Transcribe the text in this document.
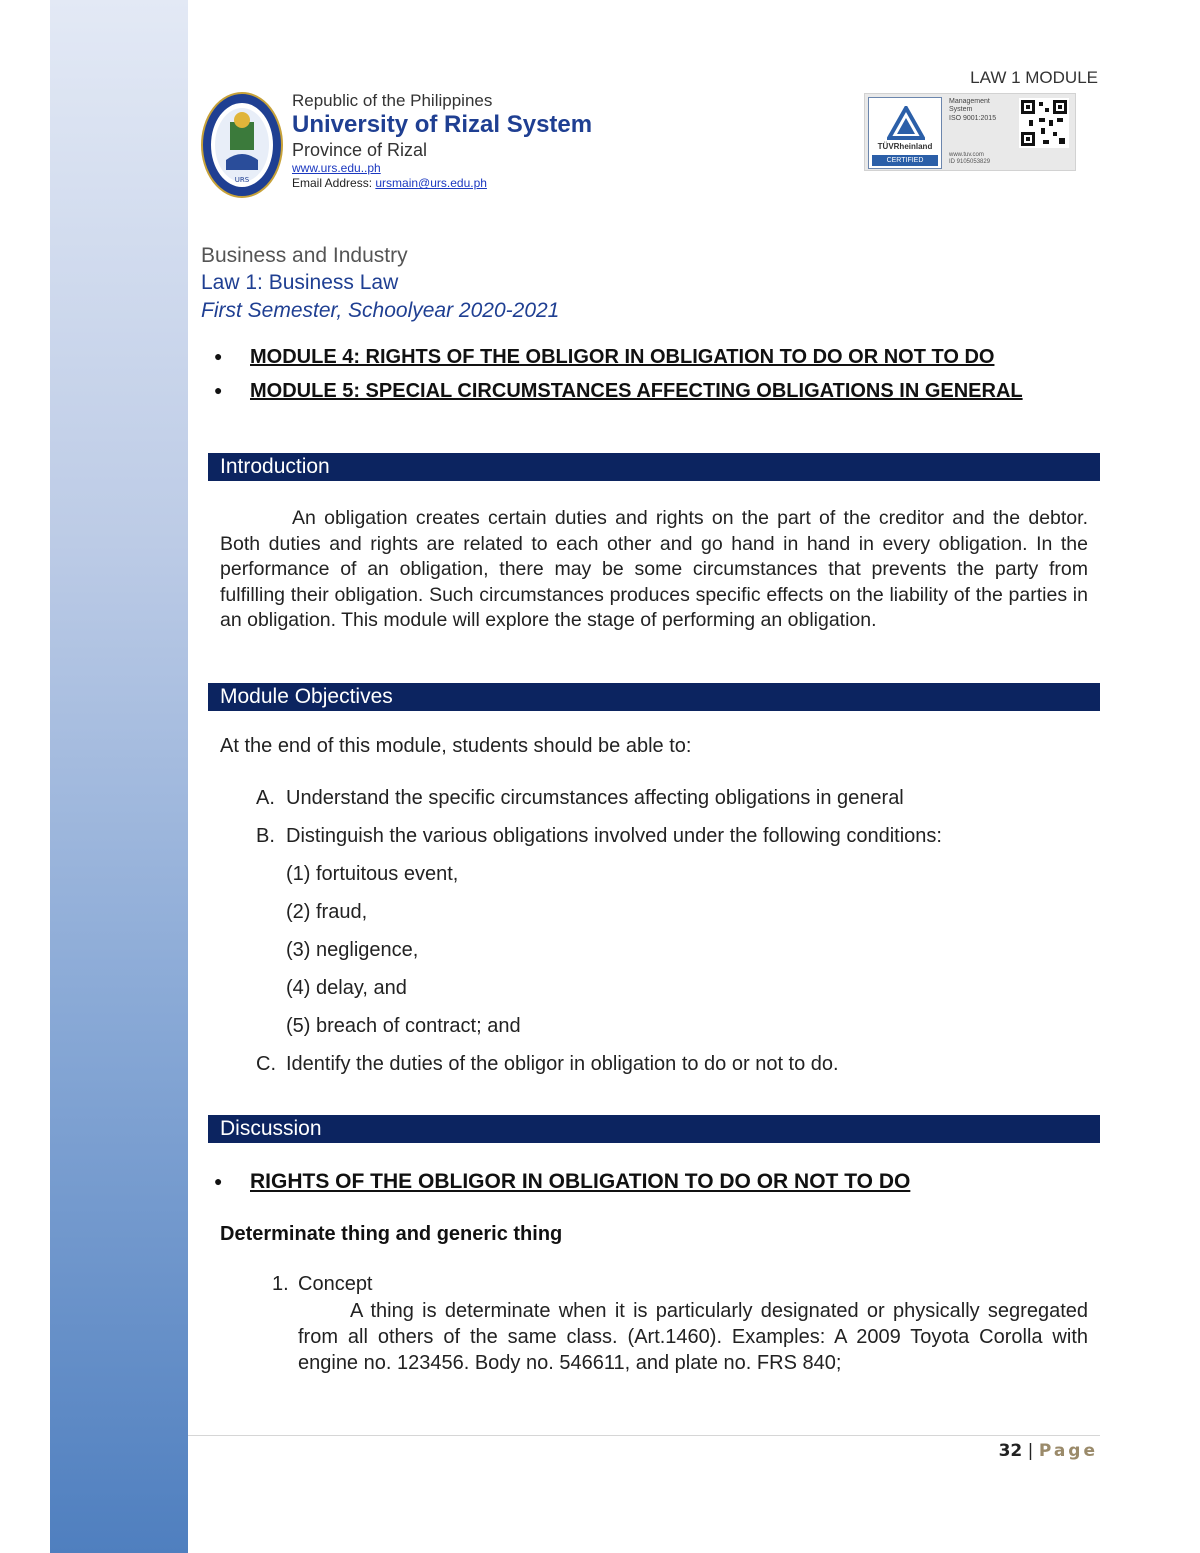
LAW 1 MODULE
URS
Republic of the Philippines
University of Rizal System
Province of Rizal
www.urs.edu..ph
Email Address: ursmain@urs.edu.ph
TÜVRheinland
CERTIFIED
Management
System
ISO 9001:2015
www.tuv.com
ID 9105053829
Business and Industry
Law 1: Business Law
First Semester, Schoolyear 2020-2021
● MODULE 4: RIGHTS OF THE OBLIGOR IN OBLIGATION TO DO OR NOT TO DO
● MODULE 5: SPECIAL CIRCUMSTANCES AFFECTING OBLIGATIONS IN GENERAL
Introduction

An obligation creates certain duties and rights on the part of the creditor and the debtor. Both duties and rights are related to each other and go hand in hand in every obligation. In the performance of an obligation, there may be some circumstances that prevents the party from fulfilling their obligation. Such circumstances produces specific effects on the liability of the parties in an obligation. This module will explore the stage of performing an obligation.

Module Objectives
At the end of this module, students should be able to:
A. Understand the specific circumstances affecting obligations in general
B. Distinguish the various obligations involved under the following conditions:
(1) fortuitous event,
(2) fraud,
(3) negligence,
(4) delay, and
(5) breach of contract; and
C. Identify the duties of the obligor in obligation to do or not to do.
Discussion
● RIGHTS OF THE OBLIGOR IN OBLIGATION TO DO OR NOT TO DO
Determinate thing and generic thing
1. Concept

A thing is determinate when it is particularly designated or physically segregated from all others of the same class. (Art.1460). Examples: A 2009 Toyota Corolla with engine no. 123456. Body no. 546611, and plate no. FRS 840;

32 | Page
